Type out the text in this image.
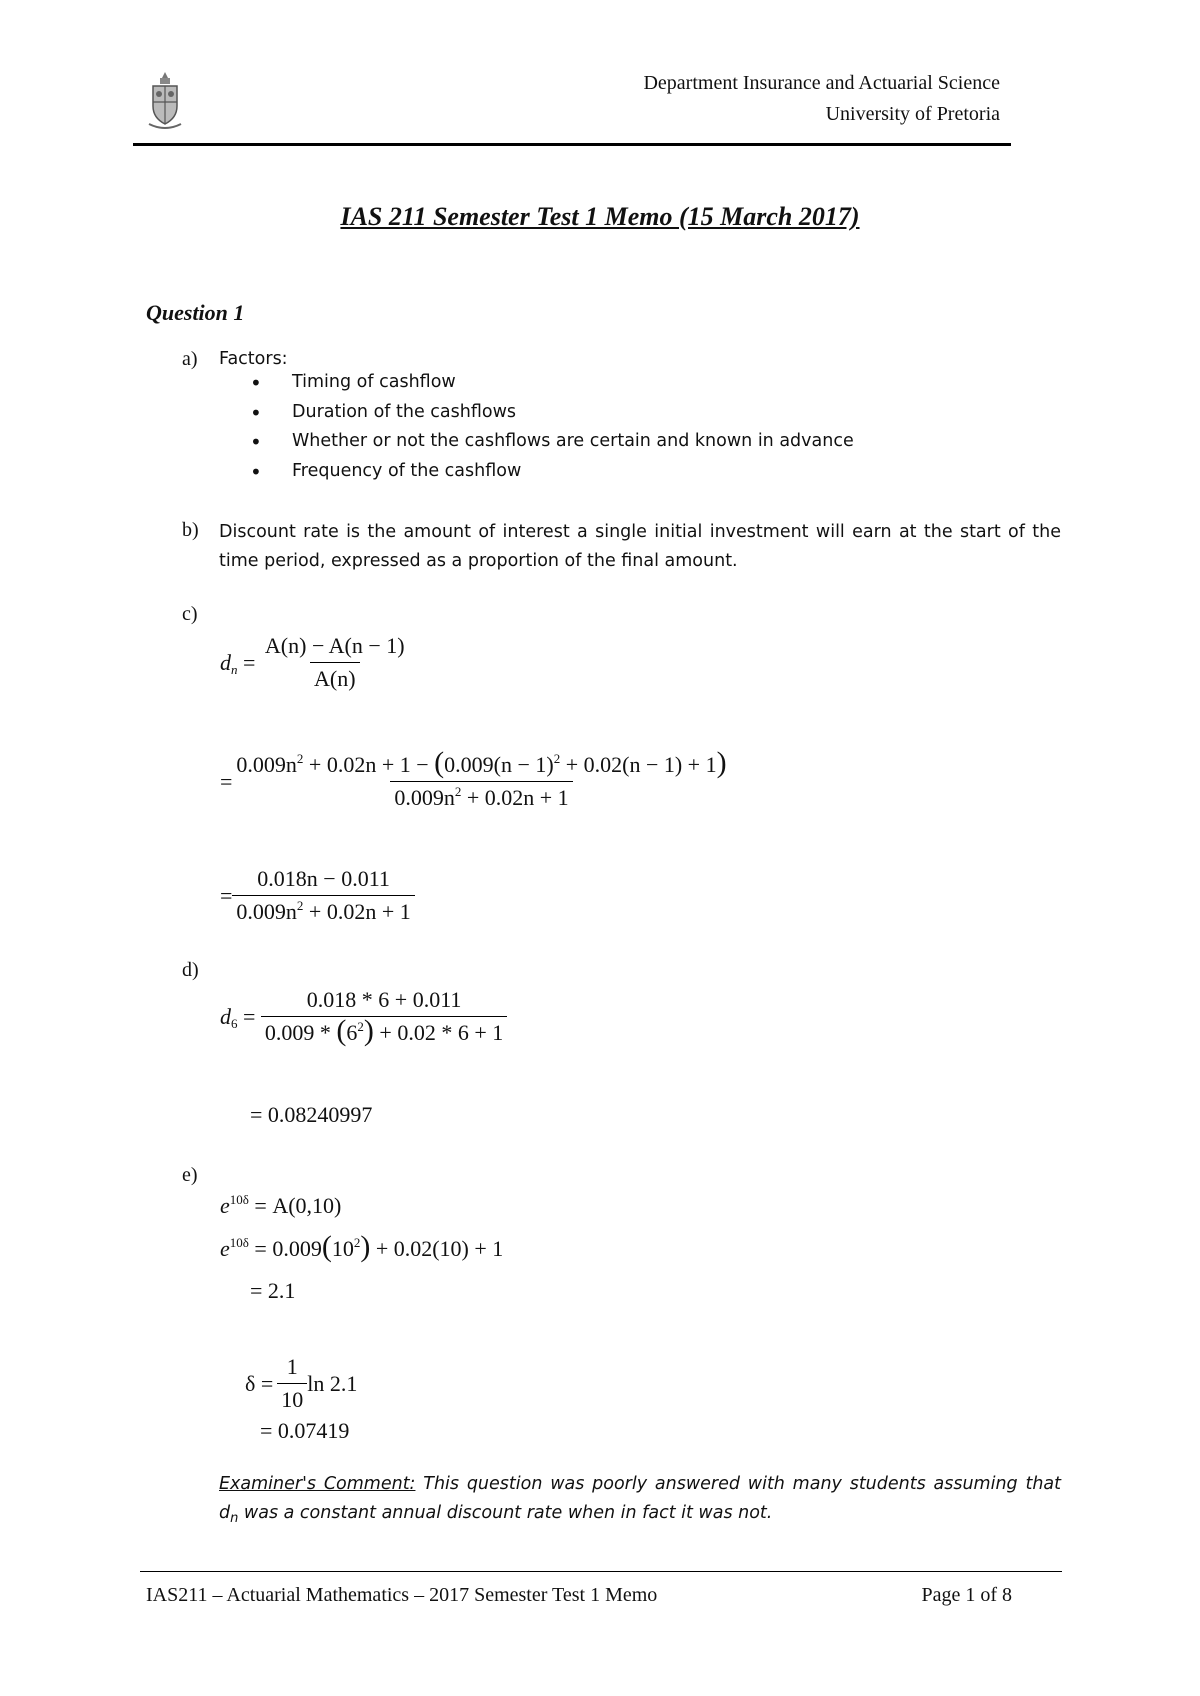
Department Insurance and Actuarial Science
University of Pretoria
IAS 211 Semester Test 1 Memo (15 March 2017)
Question 1
a) Factors:
• Timing of cashflow
• Duration of the cashflows
• Whether or not the cashflows are certain and known in advance
• Frequency of the cashflow
b) Discount rate is the amount of interest a single initial investment will earn at the start of the time period, expressed as a proportion of the final amount.
c)
$d_n = \frac{A(n) - A(n - 1)}{A(n)}$
= $\frac{0.009n^2 + 0.02n + 1 - (0.009(n - 1)^2 + 0.02(n - 1) + 1)}{0.009n^2 + 0.02n + 1}$
= $\frac{0.018n - 0.011}{0.009n^2 + 0.02n + 1}$
d)
$d_6 = \frac{0.018 * 6 + 0.011}{0.009 * (6^2) + 0.02 * 6 + 1}$
= 0.08240997
e)
$e^{10\delta} = A(0,10)$
$e^{10\delta} = 0.009(10^2) + 0.02(10) + 1$
= 2.1
$\delta = \frac{1}{10}$ ln 2.1
= 0.07419
Examiner's Comment: This question was poorly answered with many students assuming that $d_n$ was a constant annual discount rate when in fact it was not.
IAS211 – Actuarial Mathematics – 2017 Semester Test 1 Memo	Page 1 of 8
